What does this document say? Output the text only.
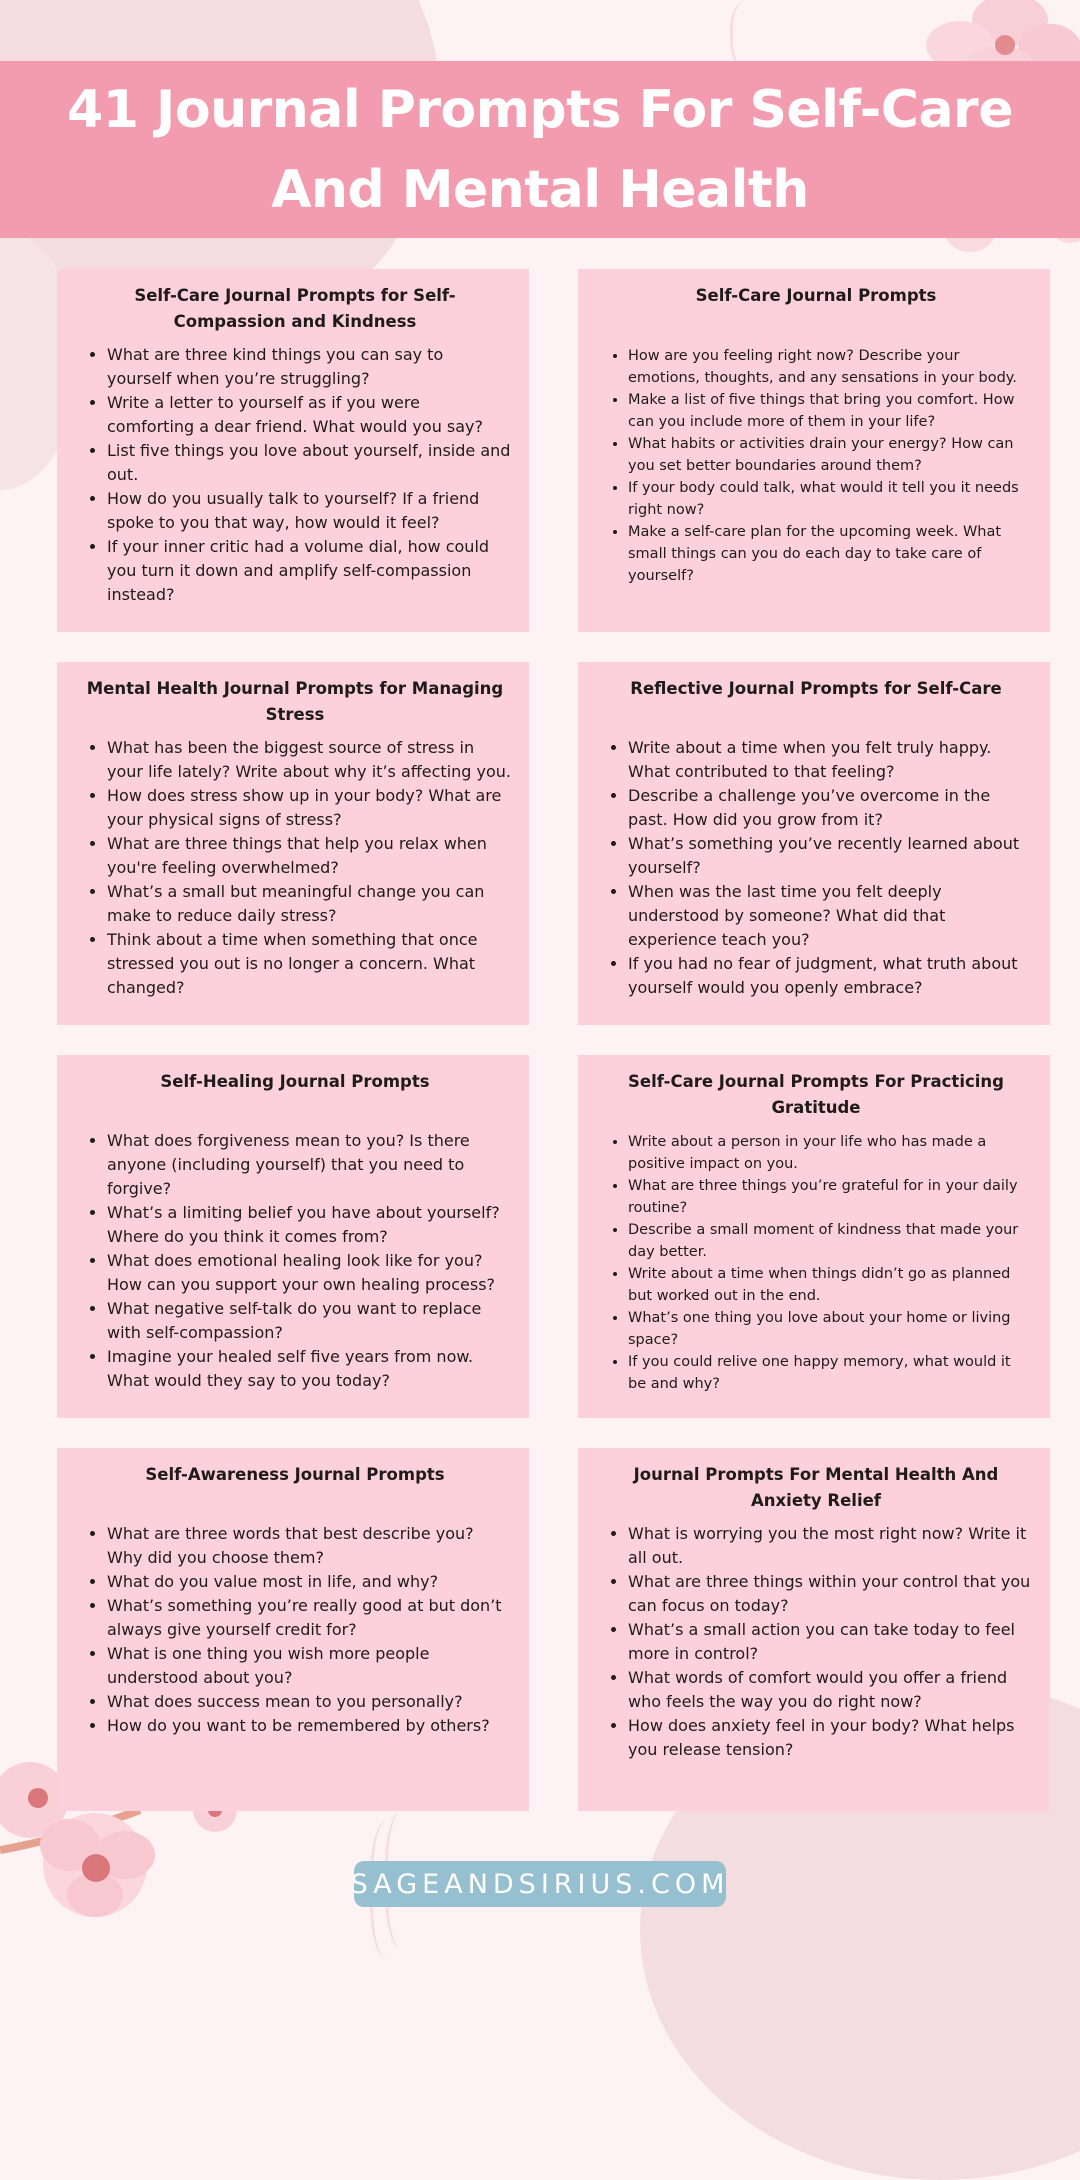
41 Journal Prompts For Self-Care
And Mental Health
Self-Care Journal Prompts for Self-Compassion and Kindness
• What are three kind things you can say to yourself when you’re struggling?
• Write a letter to yourself as if you were comforting a dear friend. What would you say?
• List five things you love about yourself, inside and out.
• How do you usually talk to yourself? If a friend spoke to you that way, how would it feel?
• If your inner critic had a volume dial, how could you turn it down and amplify self-compassion instead?
Self-Care Journal Prompts
• How are you feeling right now? Describe your emotions, thoughts, and any sensations in your body.
• Make a list of five things that bring you comfort. How can you include more of them in your life?
• What habits or activities drain your energy? How can you set better boundaries around them?
• If your body could talk, what would it tell you it needs right now?
• Make a self-care plan for the upcoming week. What small things can you do each day to take care of yourself?
Mental Health Journal Prompts for Managing Stress
• What has been the biggest source of stress in your life lately? Write about why it’s affecting you.
• How does stress show up in your body? What are your physical signs of stress?
• What are three things that help you relax when you're feeling overwhelmed?
• What’s a small but meaningful change you can make to reduce daily stress?
• Think about a time when something that once stressed you out is no longer a concern. What changed?
Reflective Journal Prompts for Self-Care
• Write about a time when you felt truly happy. What contributed to that feeling?
• Describe a challenge you’ve overcome in the past. How did you grow from it?
• What’s something you’ve recently learned about yourself?
• When was the last time you felt deeply understood by someone? What did that experience teach you?
• If you had no fear of judgment, what truth about yourself would you openly embrace?
Self-Healing Journal Prompts
• What does forgiveness mean to you? Is there anyone (including yourself) that you need to forgive?
• What’s a limiting belief you have about yourself? Where do you think it comes from?
• What does emotional healing look like for you? How can you support your own healing process?
• What negative self-talk do you want to replace with self-compassion?
• Imagine your healed self five years from now. What would they say to you today?
Self-Care Journal Prompts For Practicing Gratitude
• Write about a person in your life who has made a positive impact on you.
• What are three things you’re grateful for in your daily routine?
• Describe a small moment of kindness that made your day better.
• Write about a time when things didn’t go as planned but worked out in the end.
• What’s one thing you love about your home or living space?
• If you could relive one happy memory, what would it be and why?
Self-Awareness Journal Prompts
• What are three words that best describe you? Why did you choose them?
• What do you value most in life, and why?
• What’s something you’re really good at but don’t always give yourself credit for?
• What is one thing you wish more people understood about you?
• What does success mean to you personally?
• How do you want to be remembered by others?
Journal Prompts For Mental Health And Anxiety Relief
• What is worrying you the most right now? Write it all out.
• What are three things within your control that you can focus on today?
• What’s a small action you can take today to feel more in control?
• What words of comfort would you offer a friend who feels the way you do right now?
• How does anxiety feel in your body? What helps you release tension?
SAGEANDSIRIUS.COM
